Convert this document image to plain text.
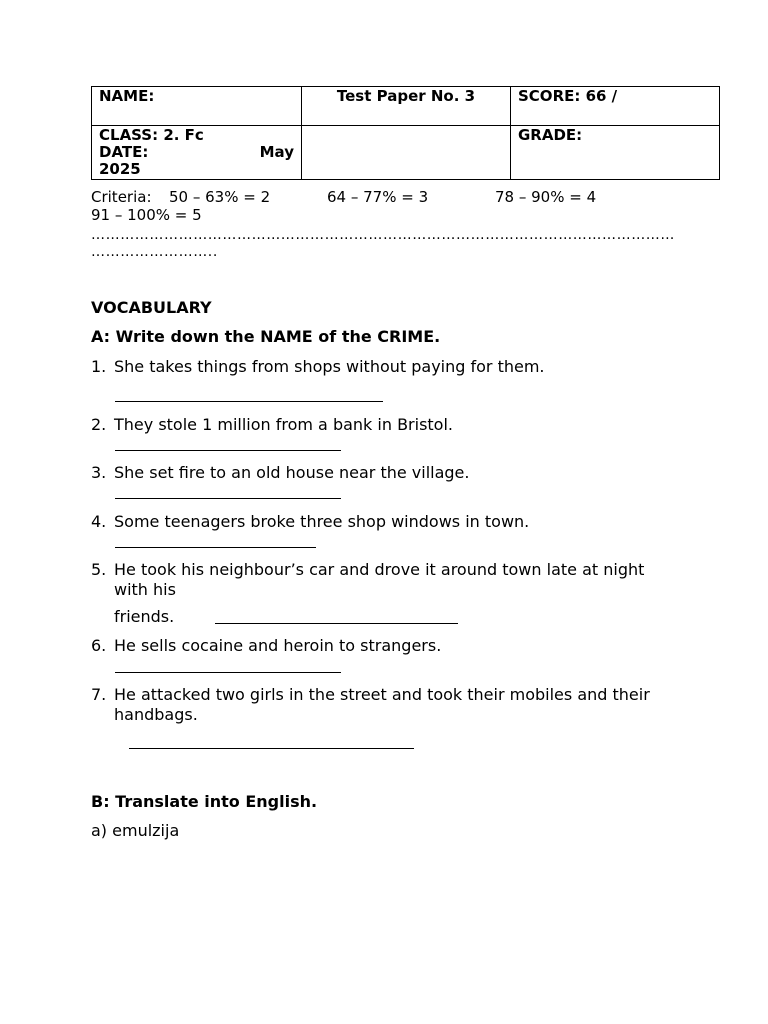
NAME:	Test Paper No. 3	SCORE: 66 /

CLASS: 2. Fc
DATE: May
2025		GRADE:
Criteria: 50 – 63% = 2	64 – 77% = 3	78 – 90% = 4
91 – 100% = 5
…………………………………………………………………………………………………………
……………………..
VOCABULARY
A: Write down the NAME of the CRIME.
1. She takes things from shops without paying for them.
2. They stole 1 million from a bank in Bristol.
3. She set fire to an old house near the village.
4. Some teenagers broke three shop windows in town.
5. He took his neighbour’s car and drove it around town late at night with his
friends.
6. He sells cocaine and heroin to strangers.
7. He attacked two girls in the street and took their mobiles and their handbags.
B: Translate into English.
a) emulzija
